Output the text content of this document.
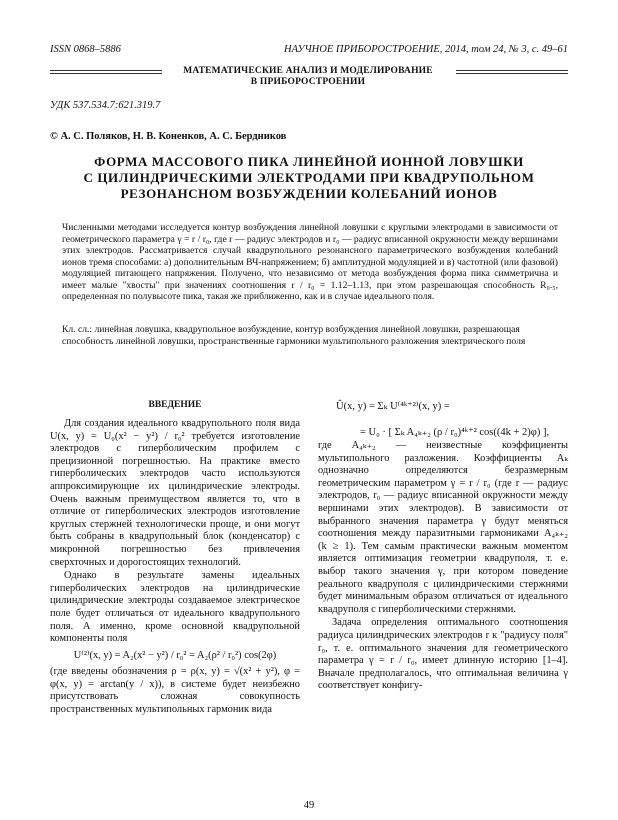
ISSN 0868–5886	НАУЧНОЕ ПРИБОРОСТРОЕНИЕ, 2014, том 24, № 3, c. 49–61
МАТЕМАТИЧЕСКИЕ АНАЛИЗ И МОДЕЛИРОВАНИЕ
В ПРИБОРОСТРОЕНИИ
УДК 537.534.7:621.319.7
© А. С. Поляков, Н. В. Коненков, А. С. Бердников
ФОРМА МАССОВОГО ПИКА ЛИНЕЙНОЙ ИОННОЙ ЛОВУШКИ
С ЦИЛИНДРИЧЕСКИМИ ЭЛЕКТРОДАМИ ПРИ КВАДРУПОЛЬНОМ
РЕЗОНАНСНОМ ВОЗБУЖДЕНИИ КОЛЕБАНИЙ ИОНОВ
Численными методами исследуется контур возбуждения линейной ловушки с круглыми электродами в зависимости от геометрического параметра γ = r / r₀, где r — радиус электродов и r₀ — радиус вписанной окружности между вершинами этих электродов. Рассматривается случай квадрупольного резонансного параметрического возбуждения колебаний ионов тремя способами: а) дополнительным ВЧ-напряжением; б) амплитудной модуляцией и в) частотной (или фазовой) модуляцией питающего напряжения. Получено, что независимо от метода возбуждения форма пика симметрична и имеет малые "хвосты" при значениях соотношения r / r₀ = 1.12–1.13, при этом разрешающая способность R₀.₅, определенная по полувысоте пика, такая же приближенно, как и в случае идеального поля.
Кл. сл.: линейная ловушка, квадрупольное возбуждение, контур возбуждения линейной ловушки, разрешающая способность линейной ловушки, пространственные гармоники мультипольного разложения электрического поля
ВВЕДЕНИЕ

Для создания идеального квадрупольного поля вида U(x, y) = U₀(x² − y²) / r₀² требуется изготовление электродов с гиперболическим профилем с прецизионной погрешностью. На практике вместо гиперболических электродов часто используются аппроксимирующие их цилиндрические электроды. Очень важным преимуществом является то, что в отличие от гиперболических электродов изготовление круглых стержней технологически проще, и они могут быть собраны в квадрупольный блок (конденсатор) с микронной погрешностью без привлечения сверхточных и дорогостоящих технологий.

Однако в результате замены идеальных гиперболических электродов на цилиндрические цилиндрические электроды создаваемое электрическое поле будет отличаться от идеального квадрупольного поля. А именно, кроме основной квадрупольной компоненты поля

U⁽²⁾(x, y) = A₂(x² − y²) / r₀² = A₂(ρ² / r₀²) cos(2φ)

(где введены обозначения ρ = ρ(x, y) = √(x² + y²), φ = φ(x, y) = arctan(y / x)), в системе будет неизбежно присутствовать сложная совокупность пространственных мультипольных гармоник вида

Û(x, y) = Σₖ U⁽⁴ᵏ⁺²⁾(x, y) =
= U₀ · [ Σₖ A₄ₖ₊₂ (ρ / r₀)⁴ᵏ⁺² cos((4k + 2)φ) ],

где A₄ₖ₊₂ — неизвестные коэффициенты мультипольного разложения. Коэффициенты Aₖ однозначно определяются безразмерным геометрическим параметром γ = r / r₀ (где r — радиус электродов, r₀ — радиус вписанной окружности между вершинами этих электродов). В зависимости от выбранного значения параметра γ будут меняться соотношения между паразитными гармониками A₄ₖ₊₂ (k ≥ 1). Тем самым практически важным моментом является оптимизация геометрии квадруполя, т. е. выбор такого значения γ, при котором поведение реального квадруполя с цилиндрическими стержнями будет минимальным образом отличаться от идеального квадруполя с гиперболическими стержнями.

Задача определения оптимального соотношения радиуса цилиндрических электродов r к "радиусу поля" r₀, т. е. оптимального значения для геометрического параметра γ = r / r₀, имеет длинную историю [1–4]. Вначале предполагалось, что оптимальная величина γ соответствует конфигу-

49
